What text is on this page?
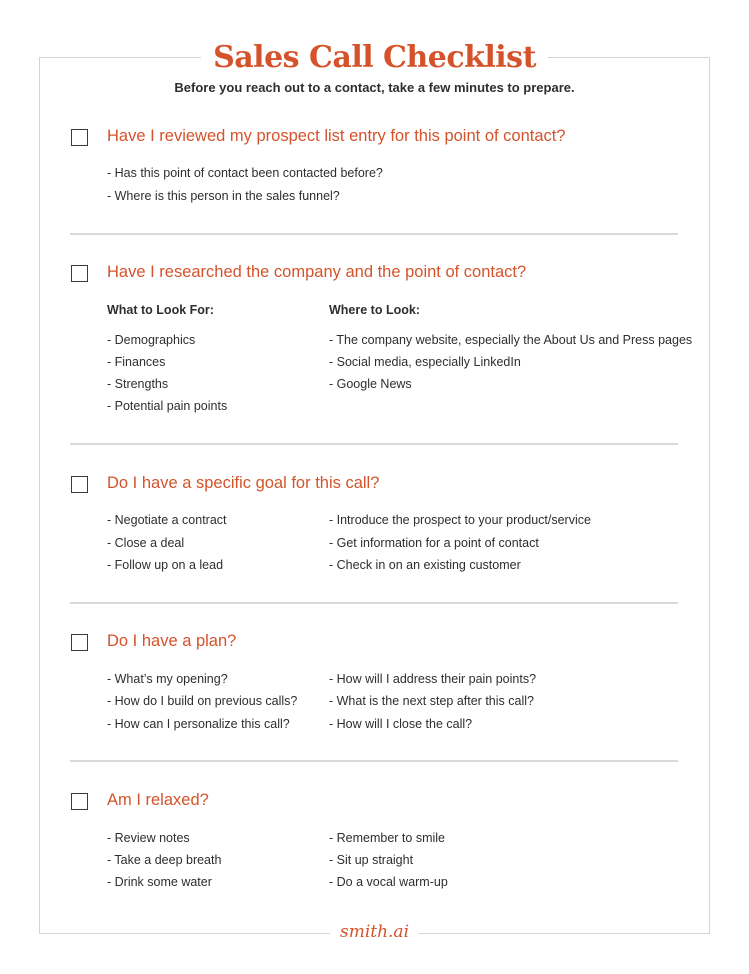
Sales Call Checklist
Before you reach out to a contact, take a few minutes to prepare.
Have I reviewed my prospect list entry for this point of contact?
- Has this point of contact been contacted before?
- Where is this person in the sales funnel?
Have I researched the company and the point of contact?
What to Look For:	Where to Look:
- Demographics
- Finances
- Strengths
- Potential pain points
- The company website, especially the About Us and Press pages
- Social media, especially LinkedIn
- Google News
Do I have a specific goal for this call?
- Negotiate a contract
- Close a deal
- Follow up on a lead
- Introduce the prospect to your product/service
- Get information for a point of contact
- Check in on an existing customer
Do I have a plan?
- What’s my opening?
- How do I build on previous calls?
- How can I personalize this call?
- How will I address their pain points?
- What is the next step after this call?
- How will I close the call?
Am I relaxed?
- Review notes
- Take a deep breath
- Drink some water
- Remember to smile
- Sit up straight
- Do a vocal warm-up
smith.ai
